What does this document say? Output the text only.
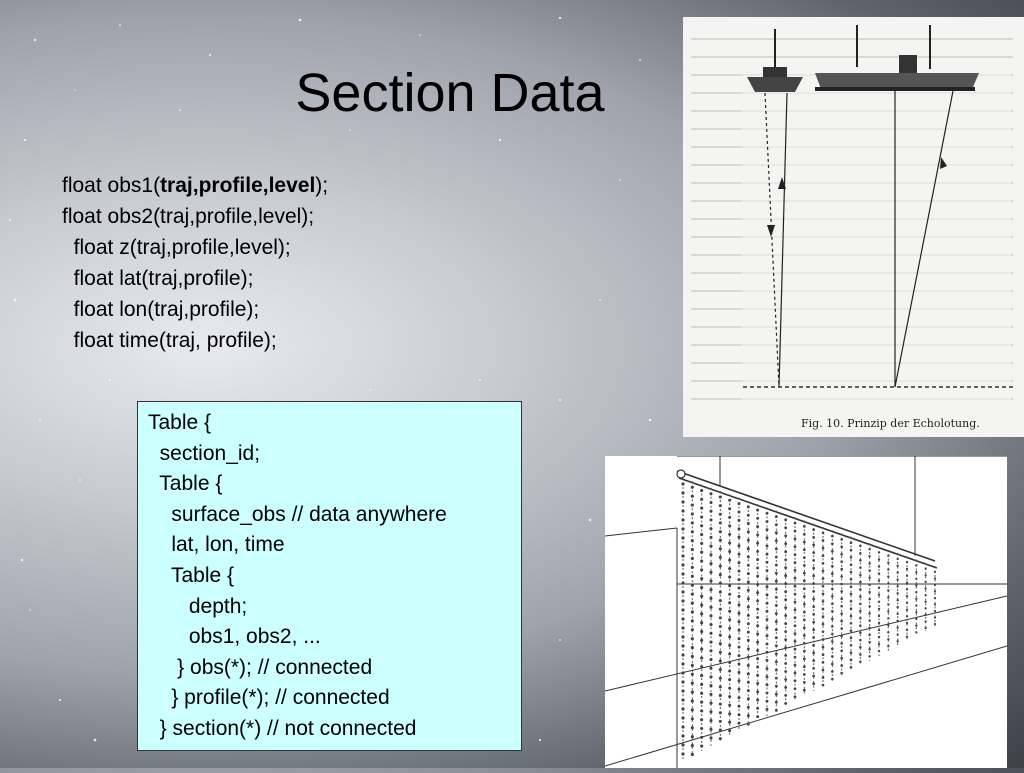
Section Data
float obs1(traj,profile,level);
float obs2(traj,profile,level);
float z(traj,profile,level);
float lat(traj,profile);
float lon(traj,profile);
float time(traj, profile);
Table {
section_id;
Table {
surface_obs // data anywhere
lat, lon, time
Table {
depth;
obs1, obs2, ...
} obs(*); // connected
} profile(*); // connected
} section(*) // not connected
Fig. 10. Prinzip der Echolotung.
